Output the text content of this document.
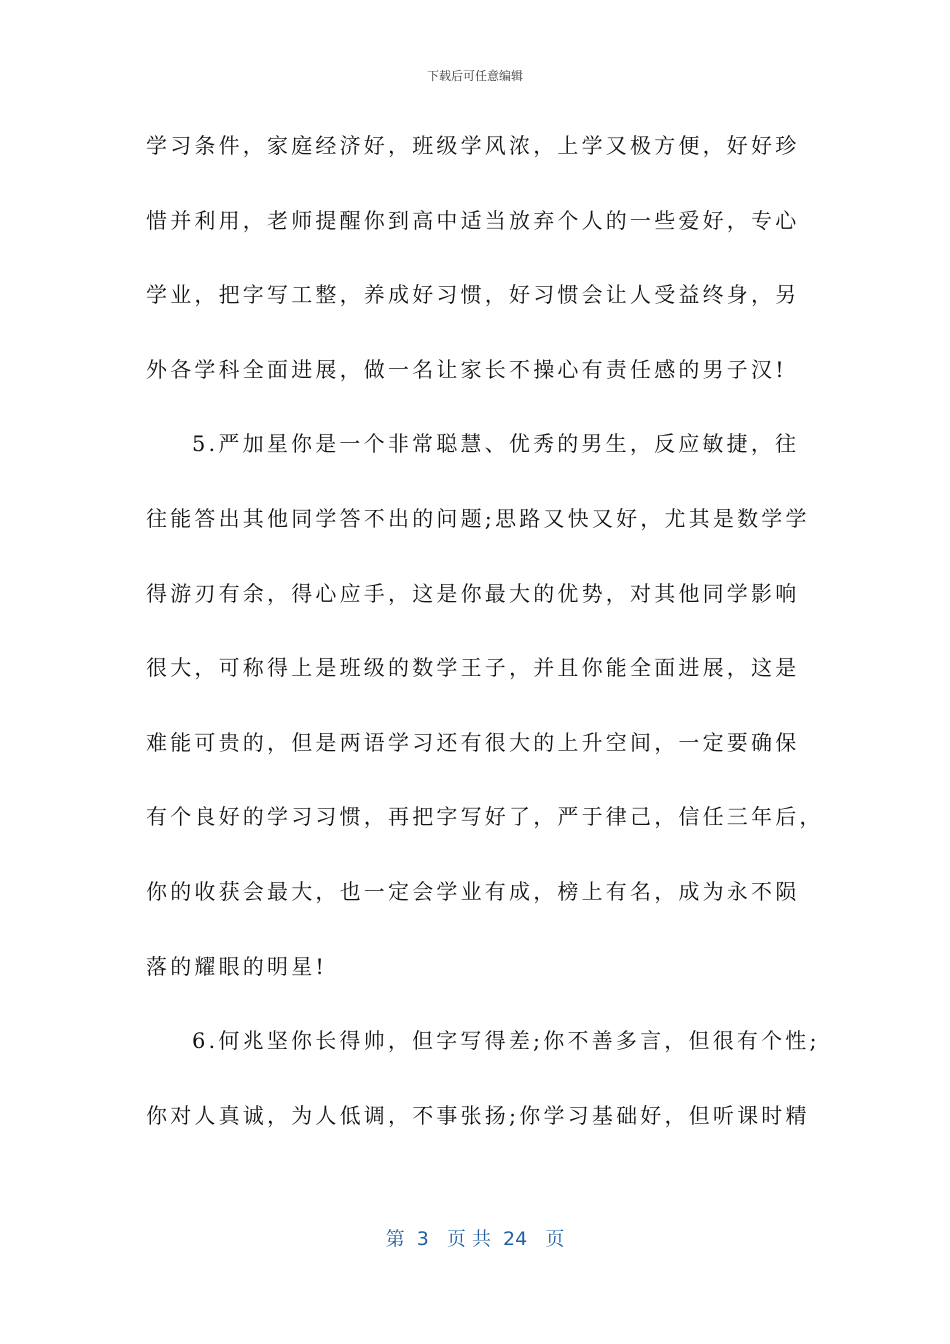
下载后可任意编辑
学习条件，家庭经济好，班级学风浓，上学又极方便，好好珍
惜并利用，老师提醒你到高中适当放弃个人的一些爱好，专心
学业，把字写工整，养成好习惯，好习惯会让人受益终身，另
外各学科全面进展，做一名让家长不操心有责任感的男子汉!
5.严加星你是一个非常聪慧、优秀的男生，反应敏捷，往
往能答出其他同学答不出的问题;思路又快又好，尤其是数学学
得游刃有余，得心应手，这是你最大的优势，对其他同学影响
很大，可称得上是班级的数学王子，并且你能全面进展，这是
难能可贵的，但是两语学习还有很大的上升空间，一定要确保
有个良好的学习习惯，再把字写好了，严于律己，信任三年后，
你的收获会最大，也一定会学业有成，榜上有名，成为永不陨
落的耀眼的明星!
6.何兆坚你长得帅，但字写得差;你不善多言，但很有个性;
你对人真诚，为人低调，不事张扬;你学习基础好，但听课时精
第  3   页 共  24   页
